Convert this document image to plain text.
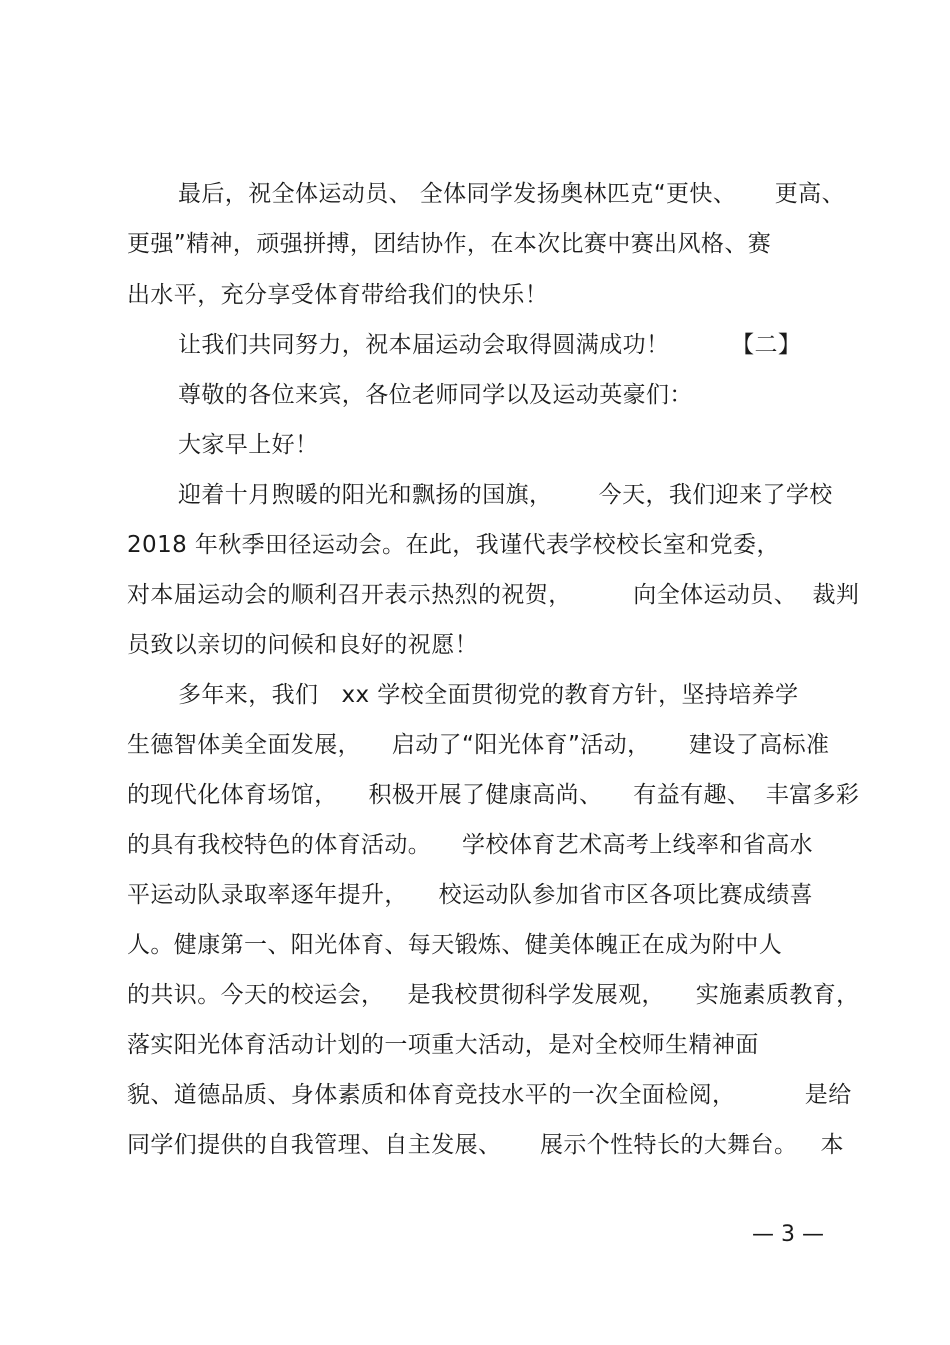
最后，祝全体运动员、 全体同学发扬奥林匹克“更快、     更高、
更强”精神，顽强拼搏，团结协作，在本次比赛中赛出风格、赛
出水平，充分享受体育带给我们的快乐！
让我们共同努力，祝本届运动会取得圆满成功！        【二】
尊敬的各位来宾，各位老师同学以及运动英豪们：
大家早上好！
迎着十月煦暖的阳光和飘扬的国旗，      今天，我们迎来了学校
2018 年秋季田径运动会。在此，我谨代表学校校长室和党委，
对本届运动会的顺利召开表示热烈的祝贺，        向全体运动员、  裁判
员致以亲切的问候和良好的祝愿！
多年来，我们   xx 学校全面贯彻党的教育方针，坚持培养学
生德智体美全面发展，    启动了“阳光体育”活动，     建设了高标准
的现代化体育场馆，    积极开展了健康高尚、    有益有趣、  丰富多彩
的具有我校特色的体育活动。    学校体育艺术高考上线率和省高水
平运动队录取率逐年提升，    校运动队参加省市区各项比赛成绩喜
人。健康第一、阳光体育、每天锻炼、健美体魄正在成为附中人
的共识。今天的校运会，   是我校贯彻科学发展观，    实施素质教育，
落实阳光体育活动计划的一项重大活动，是对全校师生精神面
貌、道德品质、身体素质和体育竞技水平的一次全面检阅，         是给
同学们提供的自我管理、自主发展、     展示个性特长的大舞台。   本
— 3 —
